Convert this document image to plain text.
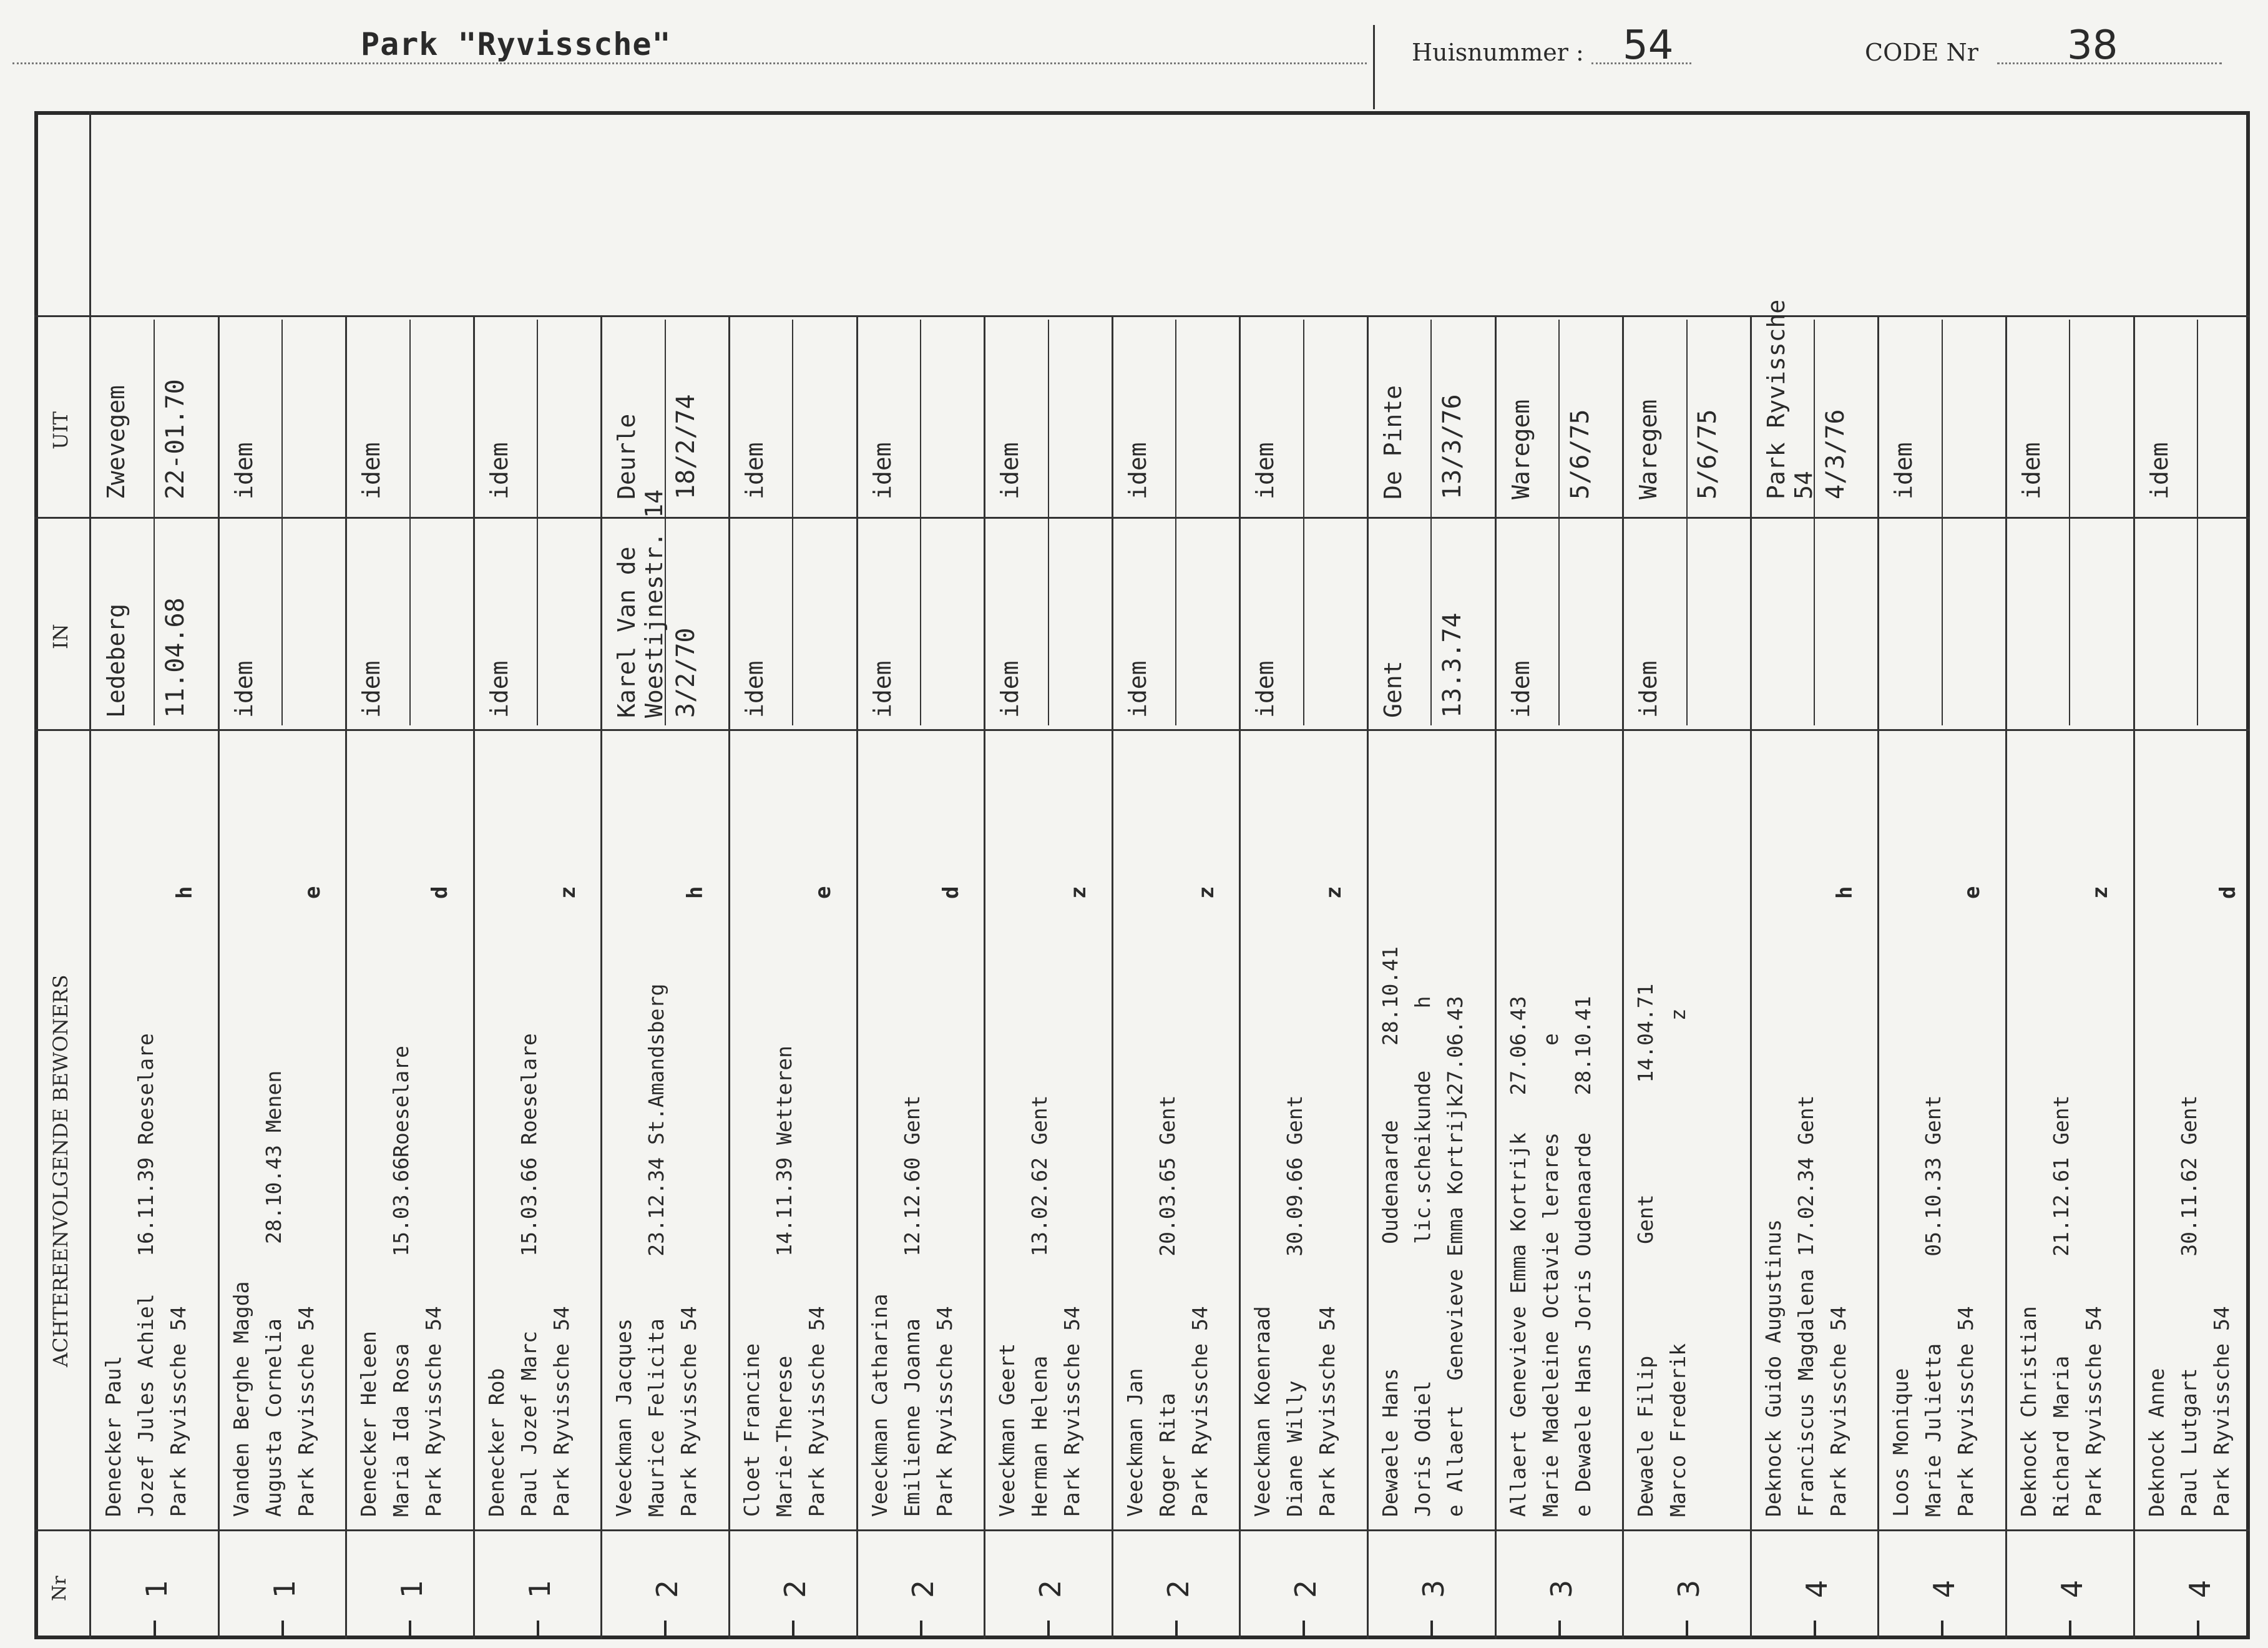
Park "Ryvissche"	Huisnummer : 54	CODE Nr 38
ACHTEREENVOLGENDE BEWONERS
IN
UIT
Nr 1
Denecker Paul Jozef Jules Achiel   16.11.39 Roeselare Park Ryvissche 54
h
Ledeberg 11.04.68
Zwevegem 22-01.70
1
Vanden Berghe Magda Augusta Cornelia      28.10.43 Menen Park Ryvissche 54
e
idem
idem
1
Denecker Heleen Maria Ida Rosa       15.03.66Roeselare Park Ryvissche 54
d
idem
idem
1
Denecker Rob Paul Jozef Marc      15.03.66 Roeselare Park Ryvissche 54
z
idem
idem
2
Veeckman Jacques Maurice Felicita     23.12.34 St.Amandsberg Park Ryvissche 54
h
Karel Van de Woestijnestr. 14 3/2/70
Deurle 18/2/74
2
Cloet Francine Marie-Therese        14.11.39 Wetteren Park Ryvissche 54
e
idem
idem
2
Veeckman Catharina Emilienne Joanna     12.12.60 Gent Park Ryvissche 54
d
idem
idem
2
Veeckman Geert Herman Helena        13.02.62 Gent Park Ryvissche 54
z
idem
idem
2
Veeckman Jan Roger Rita           20.03.65 Gent Park Ryvissche 54
z
idem
idem
2
Veeckman Koenraad Diane Willy          30.09.66 Gent Park Ryvissche 54
z
idem
idem
3
Dewaele Hans          Oudenaarde      28.10.41 Joris Odiel           lic.scheikunde     h e Allaert  Genevieve Emma Kortrijk27.06.43
Gent 13.3.74
De Pinte 13/3/76
3
Allaert Genevieve Emma Kortrijk   27.06.43 Marie Madeleine Octavie lerares       e e Dewaele Hans Joris Oudenaarde   28.10.41
idem
Waregem 5/6/75
3
Dewaele Filip         Gent         14.04.71 Marco Frederik                          z
idem
Waregem 5/6/75
4
Deknock Guido Augustinus Franciscus Magdalena 17.02.34 Gent Park Ryvissche 54
h
Park Ryvissche 54 4/3/76
4
Loos Monique Marie Julietta       05.10.33 Gent Park Ryvissche 54
e
idem
4
Deknock Christian Richard Maria        21.12.61 Gent Park Ryvissche 54
z
idem
4
Deknock Anne Paul Lutgart         30.11.62 Gent Park Ryvissche 54
d
idem
